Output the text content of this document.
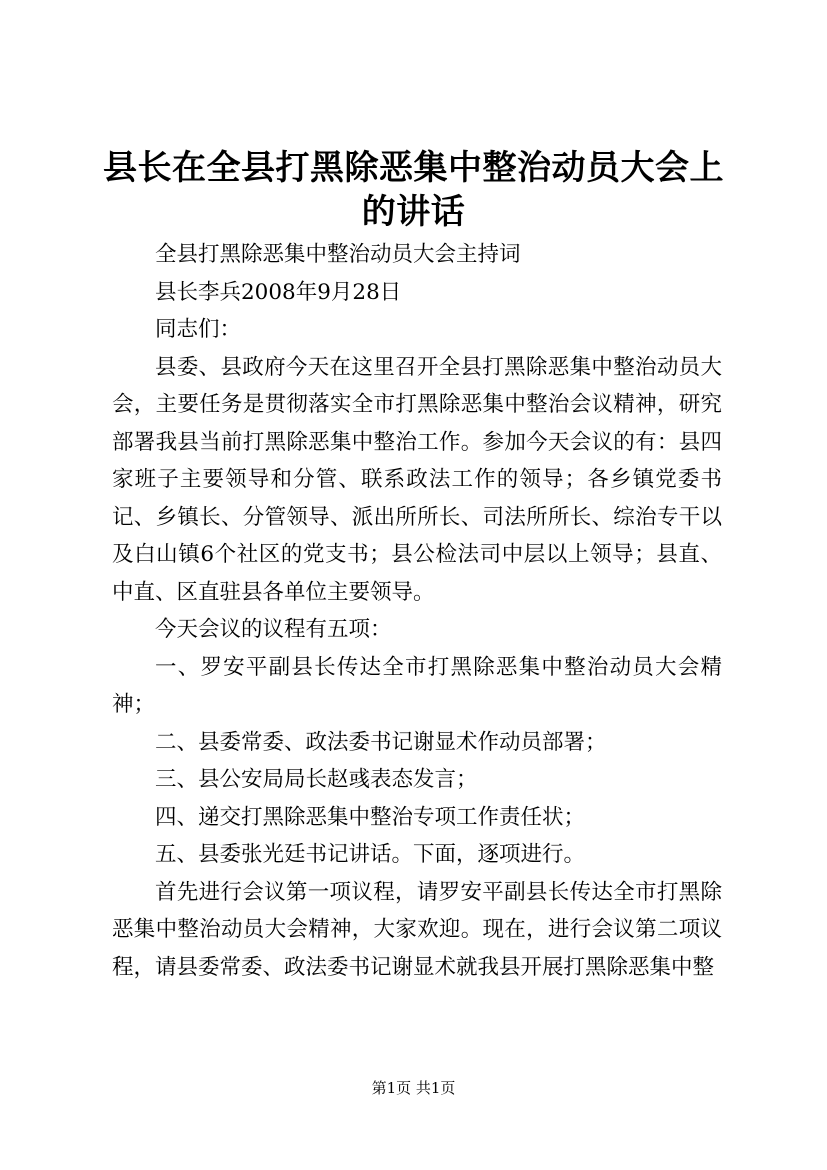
县长在全县打黑除恶集中整治动员大会上的讲话

全县打黑除恶集中整治动员大会主持词

县长李兵2008年9月28日

同志们：

县委、县政府今天在这里召开全县打黑除恶集中整治动员大会，主要任务是贯彻落实全市打黑除恶集中整治会议精神，研究部署我县当前打黑除恶集中整治工作。参加今天会议的有：县四家班子主要领导和分管、联系政法工作的领导；各乡镇党委书记、乡镇长、分管领导、派出所所长、司法所所长、综治专干以及白山镇6个社区的党支书；县公检法司中层以上领导；县直、中直、区直驻县各单位主要领导。

今天会议的议程有五项：

一、罗安平副县长传达全市打黑除恶集中整治动员大会精神；

二、县委常委、政法委书记谢显术作动员部署；

三、县公安局局长赵彧表态发言；

四、递交打黑除恶集中整治专项工作责任状；

五、县委张光廷书记讲话。下面，逐项进行。

首先进行会议第一项议程，请罗安平副县长传达全市打黑除恶集中整治动员大会精神，大家欢迎。现在，进行会议第二项议程，请县委常委、政法委书记谢显术就我县开展打黑除恶集中整

第1页 共1页
